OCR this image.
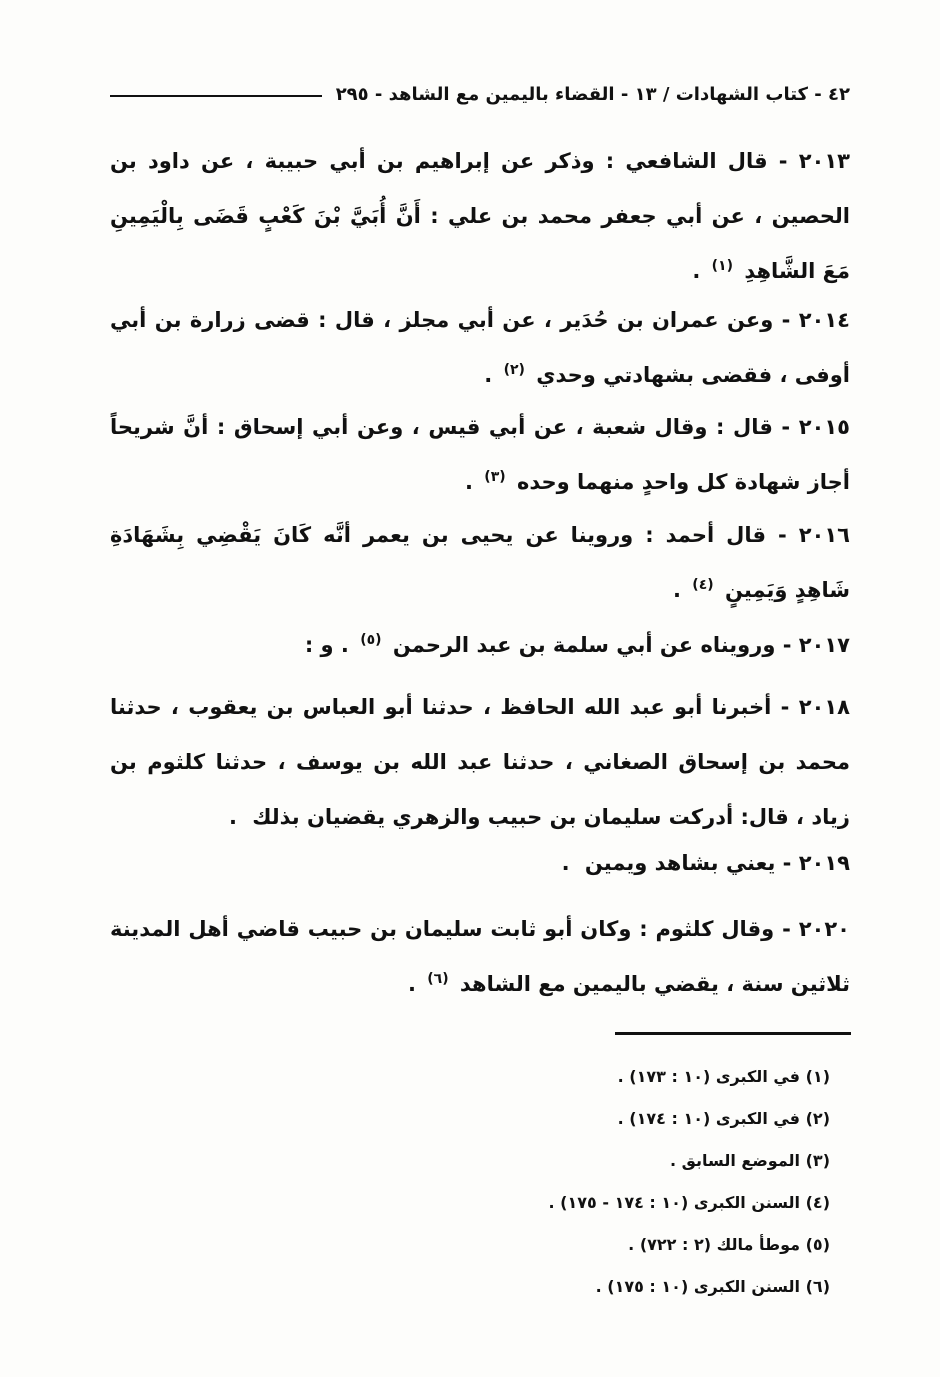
٤٢ - كتاب الشهادات / ١٣ - القضاء باليمين مع الشاهد - ٢٩٥

٢٠١٣ - قال الشافعي : وذكر عن إبراهيم بن أبي حبيبة ، عن داود بن الحصين ، عن أبي جعفر محمد بن علي : أَنَّ أُبَيَّ بْنَ كَعْبٍ قَضَى بِالْيَمِينِ مَعَ الشَّاهِدِ $^{(١)}$ .

٢٠١٤ - وعن عمران بن حُدَير ، عن أبي مجلز ، قال : قضى زرارة بن أبي أوفى ، فقضى بشهادتي وحدي $^{(٢)}$ .

٢٠١٥ - قال : وقال شعبة ، عن أبي قيس ، وعن أبي إسحاق : أنَّ شريحاً أجاز شهادة كل واحدٍ منهما وحده $^{(٣)}$ .

٢٠١٦ - قال أحمد : وروينا عن يحيى بن يعمر أنَّه كَانَ يَقْضِي بِشَهَادَةِ شَاهِدٍ وَيَمِينٍ $^{(٤)}$ .

٢٠١٧ - ورويناه عن أبي سلمة بن عبد الرحمن $^{(٥)}$ . و :

٢٠١٨ - أخبرنا أبو عبد الله الحافظ ، حدثنا أبو العباس بن يعقوب ، حدثنا محمد بن إسحاق الصغاني ، حدثنا عبد الله بن يوسف ، حدثنا كلثوم بن زياد ، قال: أدركت سليمان بن حبيب والزهري يقضيان بذلك .

٢٠١٩ - يعني بشاهد ويمين .

٢٠٢٠ - وقال كلثوم : وكان أبو ثابت سليمان بن حبيب قاضي أهل المدينة ثلاثين سنة ، يقضي باليمين مع الشاهد $^{(٦)}$ .

(١) في الكبرى (١٠ : ١٧٣) .
(٢) في الكبرى (١٠ : ١٧٤) .
(٣) الموضع السابق .
(٤) السنن الكبرى (١٠ : ١٧٤ - ١٧٥) .
(٥) موطأ مالك (٢ : ٧٢٢) .
(٦) السنن الكبرى (١٠ : ١٧٥) .
